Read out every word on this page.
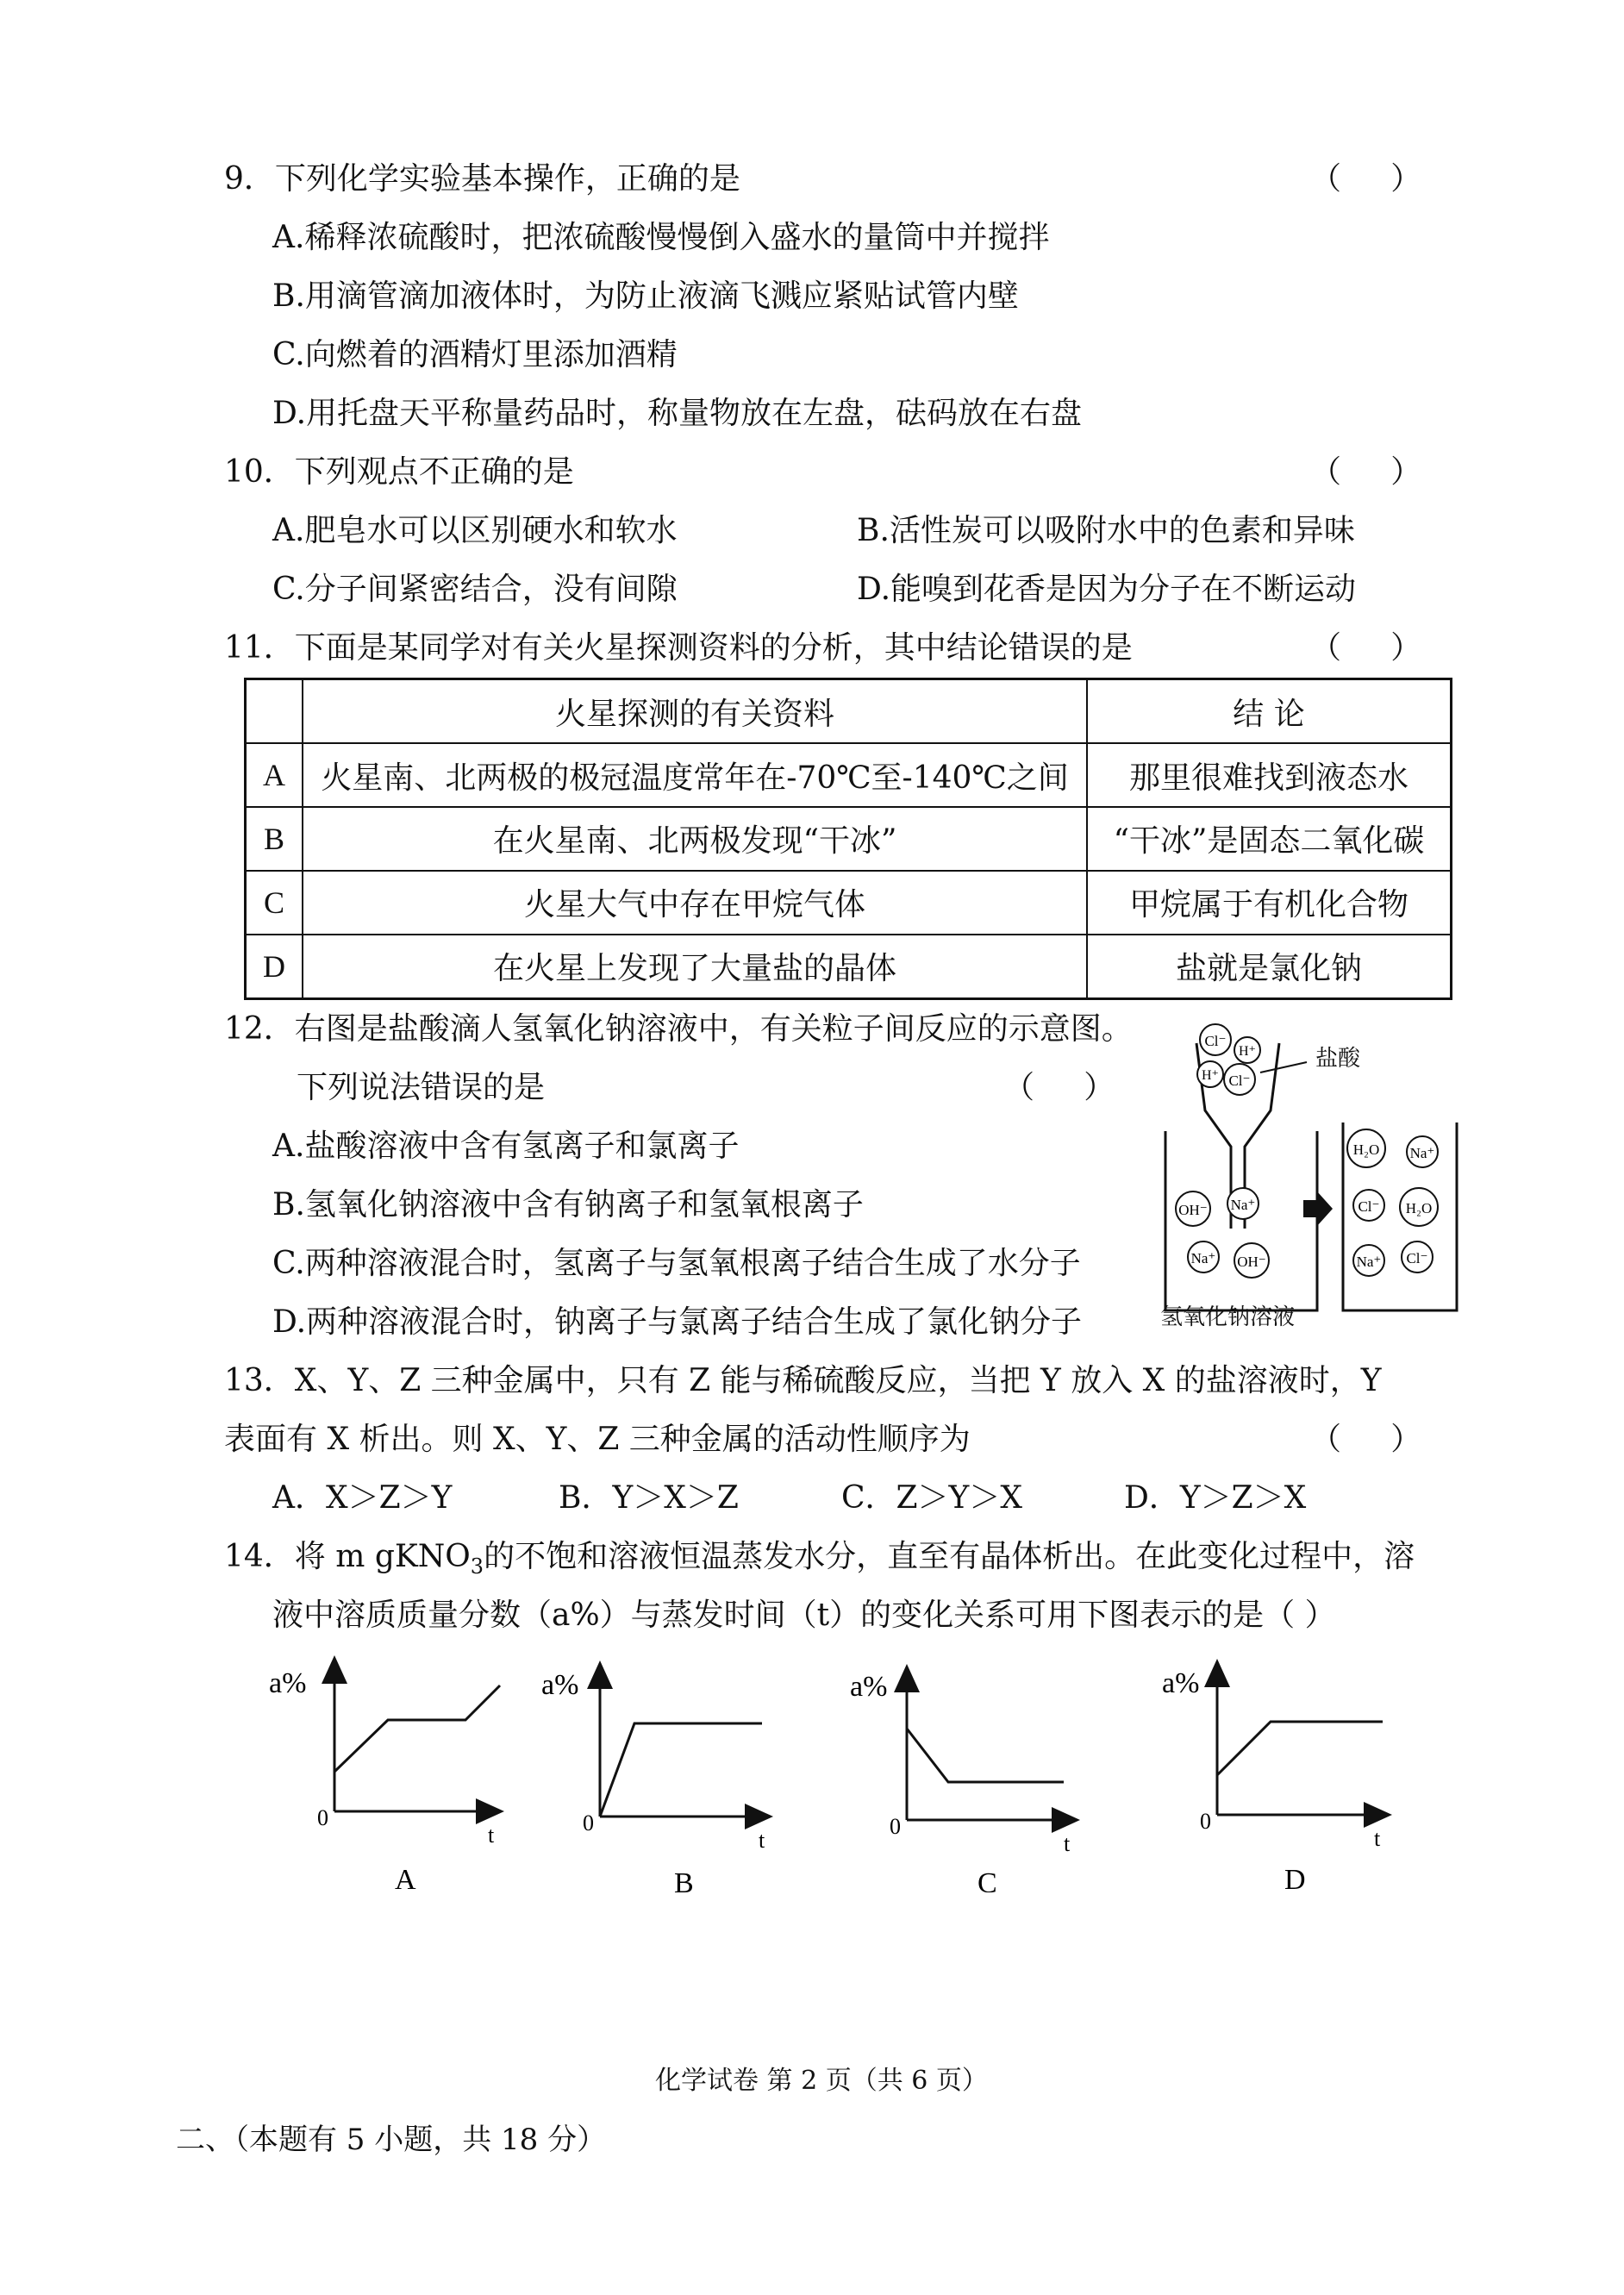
9．下列化学实验基本操作，正确的是	（     ）
A.稀释浓硫酸时，把浓硫酸慢慢倒入盛水的量筒中并搅拌
B.用滴管滴加液体时，为防止液滴飞溅应紧贴试管内壁
C.向燃着的酒精灯里添加酒精
D.用托盘天平称量药品时，称量物放在左盘，砝码放在右盘
10．下列观点不正确的是	（     ）
A.肥皂水可以区别硬水和软水	B.活性炭可以吸附水中的色素和异味
C.分子间紧密结合，没有间隙	D.能嗅到花香是因为分子在不断运动
11．下面是某同学对有关火星探测资料的分析，其中结论错误的是	（     ）
	火星探测的有关资料	结 论
A	火星南、北两极的极冠温度常年在-70℃至-140℃之间	那里很难找到液态水
B	在火星南、北两极发现“干冰”	“干冰”是固态二氧化碳
C	火星大气中存在甲烷气体	甲烷属于有机化合物
D	在火星上发现了大量盐的晶体	盐就是氯化钠
12．右图是盐酸滴人氢氧化钠溶液中，有关粒子间反应的示意图。
下列说法错误的是	（     ）
A.盐酸溶液中含有氢离子和氯离子
B.氢氧化钠溶液中含有钠离子和氢氧根离子
C.两种溶液混合时，氢离子与氢氧根离子结合生成了水分子
D.两种溶液混合时，钠离子与氯离子结合生成了氯化钠分子
盐酸
氢氧化钠溶液
Cl⁻
H⁺
H⁺ Cl⁻
OH⁻ Na⁺
Na⁺ OH⁻
H₂O Na⁺
Cl⁻ H₂O
Na⁺ Cl⁻
13．X、Y、Z 三种金属中，只有 Z 能与稀硫酸反应，当把 Y 放入 X 的盐溶液时，Y
表面有 X 析出。则 X、Y、Z 三种金属的活动性顺序为	（     ）
A．X＞Z＞Y	B．Y＞X＞Z	C．Z＞Y＞X	D．Y＞Z＞X
14．将 m gKNO$_3$的不饱和溶液恒温蒸发水分，直至有晶体析出。在此变化过程中，溶
液中溶质质量分数（a%）与蒸发时间（t）的变化关系可用下图表示的是（ ）
a%
0
t
A
a%
0
t
B
a%
0
t
C
a%
0
t
D
化学试卷 第 2 页（共 6 页）
二、（本题有 5 小题，共 18 分）
